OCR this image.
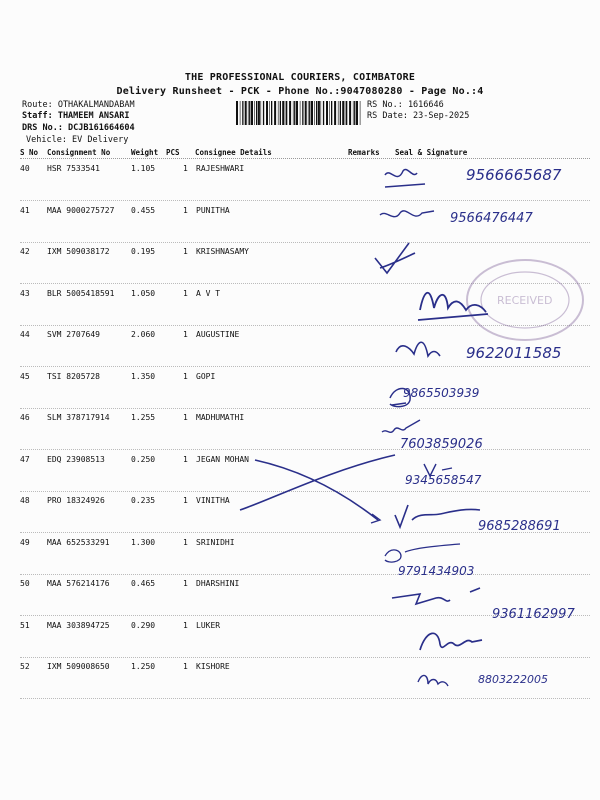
THE PROFESSIONAL COURIERS, COIMBATORE
Delivery Runsheet - PCK - Phone No.:9047080280 - Page No.:4
Route: OTHAKALMANDABAM
Staff: THAMEEM ANSARI
DRS No.: DCJB161664604
Vehicle: EV Delivery
RS No.: 1616646
RS Date: 23-Sep-2025
S No Consignment No	Weight PCS Consignee Details	Remarks Seal & Signature
40 HSR 7533541	1.105	1 RAJESHWARI
41 MAA 9000275727 0.455	1 PUNITHA
42 IXM 509038172	0.195	1 KRISHNASAMY
43 BLR 5005418591 1.050	1 A V T
44 SVM 2707649	2.060	1 AUGUSTINE
45 TSI 8205728	1.350	1 GOPI
46 SLM 378717914	1.255	1 MADHUMATHI
47 EDQ 23908513	0.250	1 JEGAN MOHAN
48 PRO 18324926	0.235	1 VINITHA
49 MAA 652533291	1.300	1 SRINIDHI
50 MAA 576214176	0.465	1 DHARSHINI
51 MAA 303894725	0.290	1 LUKER
52 IXM 509008650	1.250	1 KISHORE
RECEIVED
9566665687
9566476447
9622011585
9865503939
7603859026
9345658547
9685288691
9791434903
9361162997
8803222005
